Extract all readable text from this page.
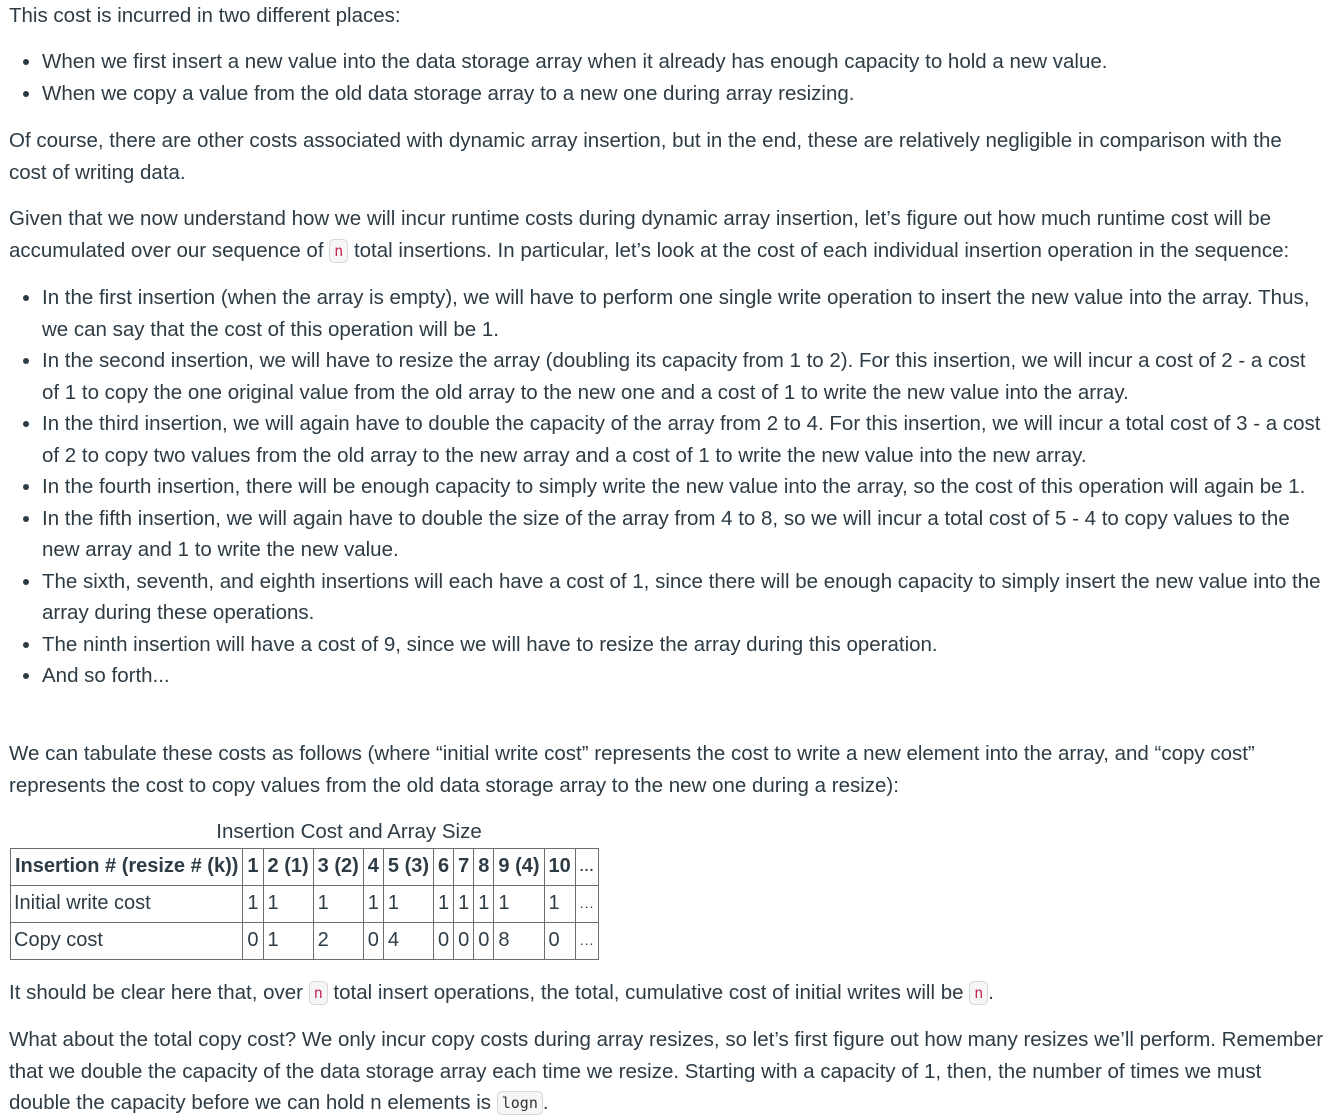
This cost is incurred in two different places:

• When we first insert a new value into the data storage array when it already has enough capacity to hold a new value.
• When we copy a value from the old data storage array to a new one during array resizing.

Of course, there are other costs associated with dynamic array insertion, but in the end, these are relatively negligible in comparison with the cost of writing data.

Given that we now understand how we will incur runtime costs during dynamic array insertion, let’s figure out how much runtime cost will be accumulated over our sequence of n total insertions. In particular, let’s look at the cost of each individual insertion operation in the sequence:

• In the first insertion (when the array is empty), we will have to perform one single write operation to insert the new value into the array. Thus, we can say that the cost of this operation will be 1.
• In the second insertion, we will have to resize the array (doubling its capacity from 1 to 2). For this insertion, we will incur a cost of 2 - a cost of 1 to copy the one original value from the old array to the new one and a cost of 1 to write the new value into the array.
• In the third insertion, we will again have to double the capacity of the array from 2 to 4. For this insertion, we will incur a total cost of 3 - a cost of 2 to copy two values from the old array to the new array and a cost of 1 to write the new value into the new array.
• In the fourth insertion, there will be enough capacity to simply write the new value into the array, so the cost of this operation will again be 1.
• In the fifth insertion, we will again have to double the size of the array from 4 to 8, so we will incur a total cost of 5 - 4 to copy values to the new array and 1 to write the new value.
• The sixth, seventh, and eighth insertions will each have a cost of 1, since there will be enough capacity to simply insert the new value into the array during these operations.
• The ninth insertion will have a cost of 9, since we will have to resize the array during this operation.
• And so forth...

We can tabulate these costs as follows (where “initial write cost” represents the cost to write a new element into the array, and “copy cost” represents the cost to copy values from the old data storage array to the new one during a resize):

Insertion Cost and Array Size
Insertion # (resize # (k))	1	2 (1)	3 (2)	4	5 (3)	6	7	8	9 (4)	10	...
Initial write cost	1	1	1	1	1	1	1	1	1	1	...
Copy cost	0	1	2	0	4	0	0	0	8	0	...

It should be clear here that, over n total insert operations, the total, cumulative cost of initial writes will be n .

What about the total copy cost? We only incur copy costs during array resizes, so let’s first figure out how many resizes we’ll perform. Remember that we double the capacity of the data storage array each time we resize. Starting with a capacity of 1, then, the number of times we must double the capacity before we can hold n elements is logn .
